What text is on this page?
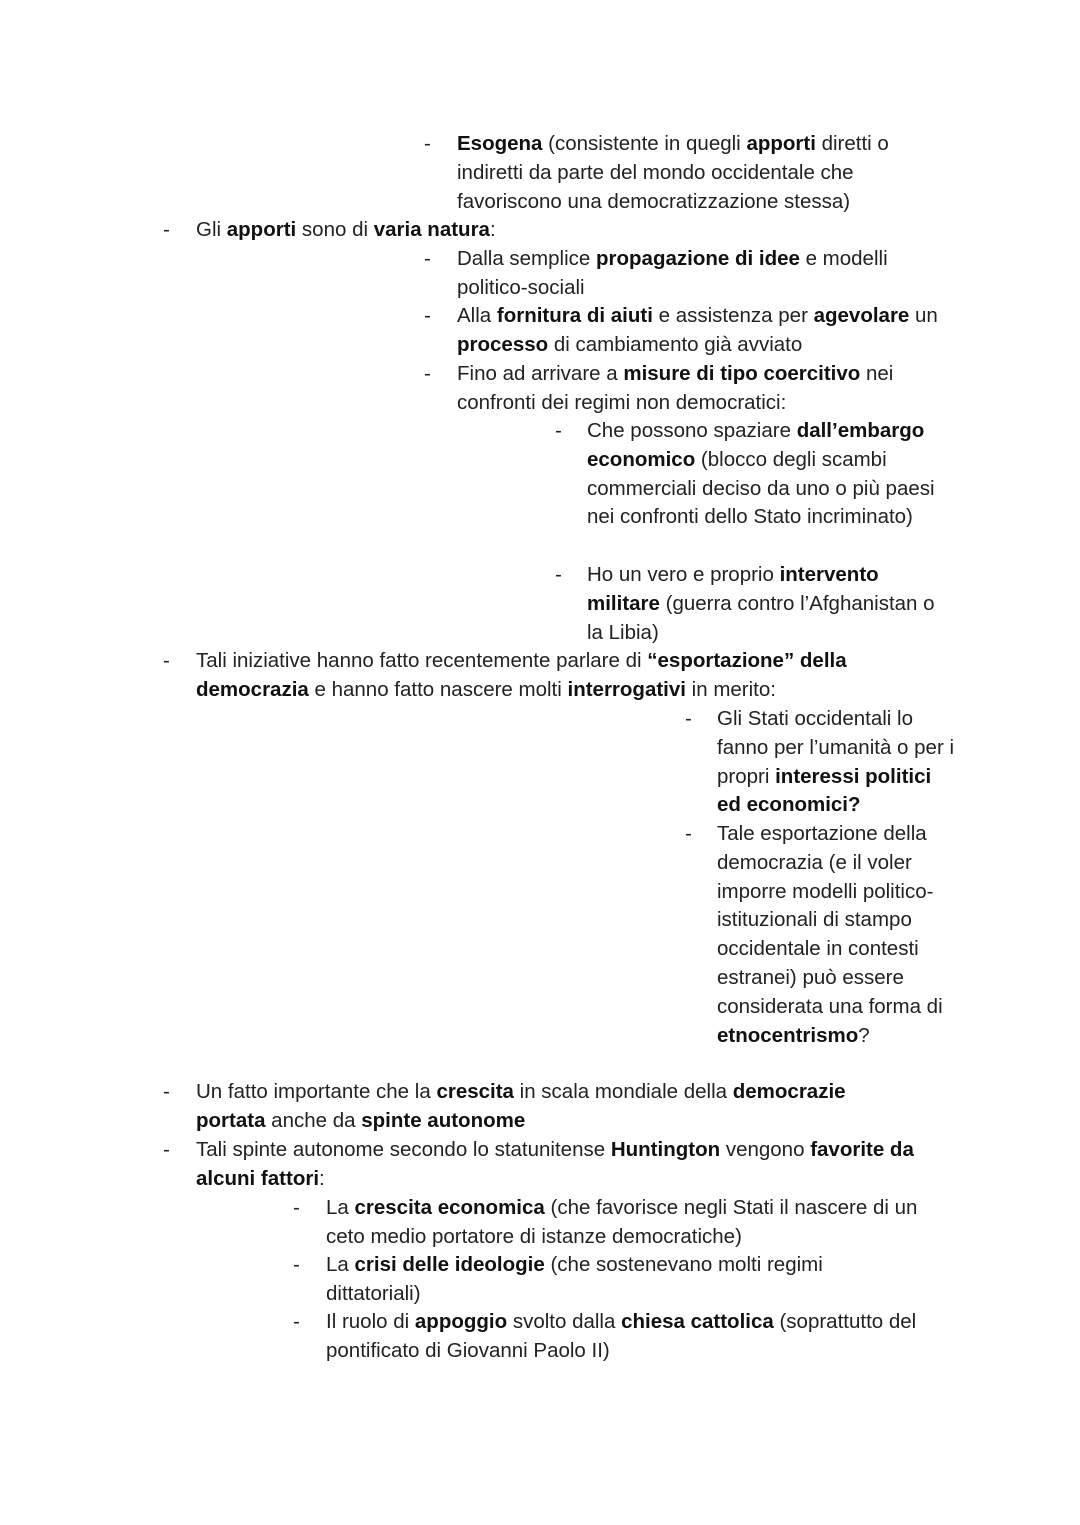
- Esogena (consistente in quegli apporti diretti o indiretti da parte del mondo occidentale che favoriscono una democratizzazione stessa)
- Gli apporti sono di varia natura:
- Dalla semplice propagazione di idee e modelli politico-sociali
- Alla fornitura di aiuti e assistenza per agevolare un processo di cambiamento già avviato
- Fino ad arrivare a misure di tipo coercitivo nei confronti dei regimi non democratici:
- Che possono spaziare dall’embargo economico (blocco degli scambi commerciali deciso da uno o più paesi nei confronti dello Stato incriminato)
- Ho un vero e proprio intervento militare (guerra contro l’Afghanistan o la Libia)
- Tali iniziative hanno fatto recentemente parlare di “esportazione” della democrazia e hanno fatto nascere molti interrogativi in merito:
- Gli Stati occidentali lo fanno per l’umanità o per i propri interessi politici ed economici?
- Tale esportazione della democrazia (e il voler imporre modelli politico-istituzionali di stampo occidentale in contesti estranei) può essere considerata una forma di etnocentrismo?
- Un fatto importante che la crescita in scala mondiale della democrazie portata anche da spinte autonome
- Tali spinte autonome secondo lo statunitense Huntington vengono favorite da alcuni fattori:
- La crescita economica (che favorisce negli Stati il nascere di un ceto medio portatore di istanze democratiche)
- La crisi delle ideologie (che sostenevano molti regimi dittatoriali)
- Il ruolo di appoggio svolto dalla chiesa cattolica (soprattutto del pontificato di Giovanni Paolo II)
